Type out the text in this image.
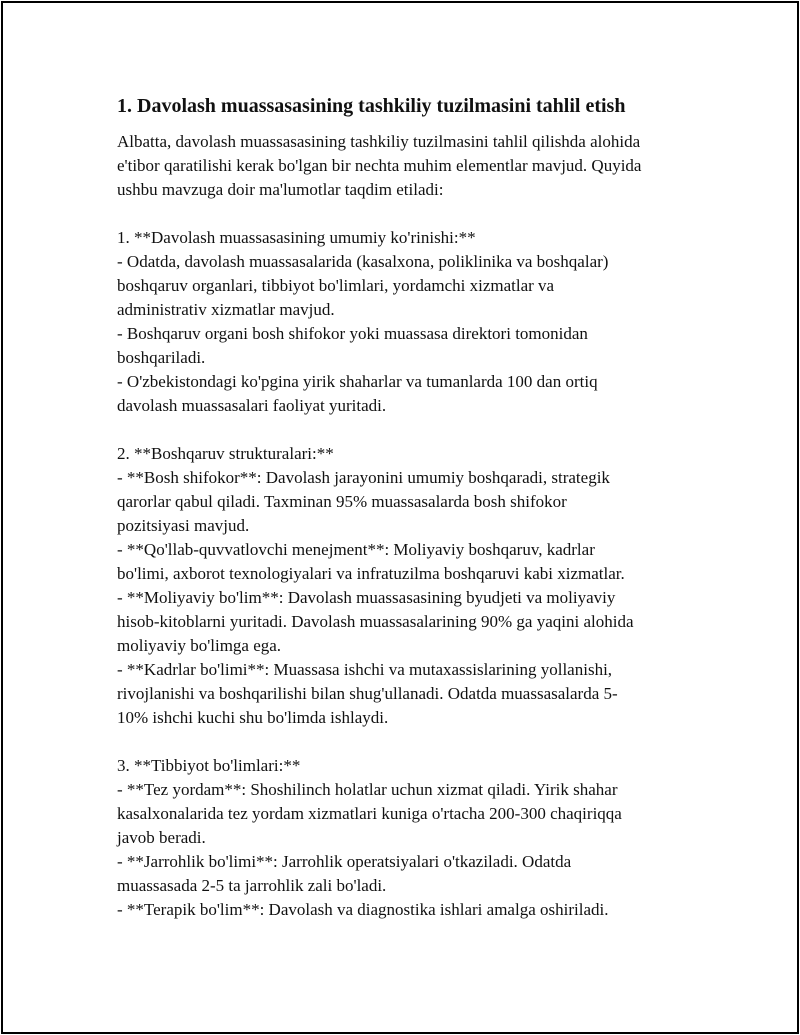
1. Davolash muassasasining tashkiliy tuzilmasini tahlil etish

Albatta, davolash muassasasining tashkiliy tuzilmasini tahlil qilishda alohida
e'tibor qaratilishi kerak bo'lgan bir nechta muhim elementlar mavjud. Quyida
ushbu mavzuga doir ma'lumotlar taqdim etiladi:

1. **Davolash muassasasining umumiy ko'rinishi:**
- Odatda, davolash muassasalarida (kasalxona, poliklinika va boshqalar)
boshqaruv organlari, tibbiyot bo'limlari, yordamchi xizmatlar va
administrativ xizmatlar mavjud.
- Boshqaruv organi bosh shifokor yoki muassasa direktori tomonidan
boshqariladi.
- O'zbekistondagi ko'pgina yirik shaharlar va tumanlarda 100 dan ortiq
davolash muassasalari faoliyat yuritadi.

2. **Boshqaruv strukturalari:**
- **Bosh shifokor**: Davolash jarayonini umumiy boshqaradi, strategik
qarorlar qabul qiladi. Taxminan 95% muassasalarda bosh shifokor
pozitsiyasi mavjud.
- **Qo'llab-quvvatlovchi menejment**: Moliyaviy boshqaruv, kadrlar
bo'limi, axborot texnologiyalari va infratuzilma boshqaruvi kabi xizmatlar.
- **Moliyaviy bo'lim**: Davolash muassasasining byudjeti va moliyaviy
hisob-kitoblarni yuritadi. Davolash muassasalarining 90% ga yaqini alohida
moliyaviy bo'limga ega.
- **Kadrlar bo'limi**: Muassasa ishchi va mutaxassislarining yollanishi,
rivojlanishi va boshqarilishi bilan shug'ullanadi. Odatda muassasalarda 5-
10% ishchi kuchi shu bo'limda ishlaydi.

3. **Tibbiyot bo'limlari:**
- **Tez yordam**: Shoshilinch holatlar uchun xizmat qiladi. Yirik shahar
kasalxonalarida tez yordam xizmatlari kuniga o'rtacha 200-300 chaqiriqqa
javob beradi.
- **Jarrohlik bo'limi**: Jarrohlik operatsiyalari o'tkaziladi. Odatda
muassasada 2-5 ta jarrohlik zali bo'ladi.
- **Terapik bo'lim**: Davolash va diagnostika ishlari amalga oshiriladi.
